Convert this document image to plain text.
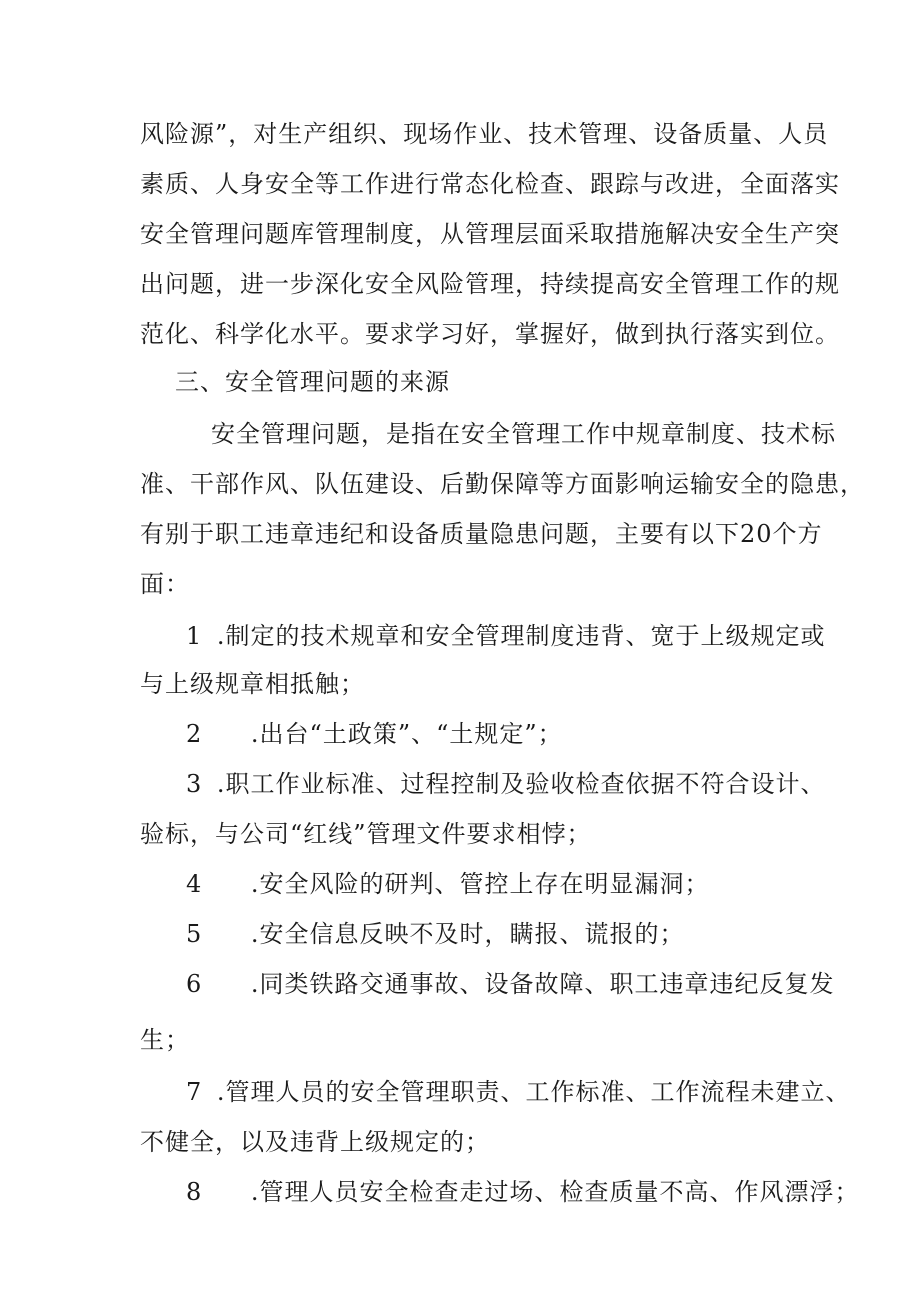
风险源”，对生产组织、现场作业、技术管理、设备质量、人员
素质、人身安全等工作进行常态化检查、跟踪与改进，全面落实
安全管理问题库管理制度，从管理层面采取措施解决安全生产突
出问题，进一步深化安全风险管理，持续提高安全管理工作的规
范化、科学化水平。要求学习好，掌握好，做到执行落实到位。
三、安全管理问题的来源
安全管理问题，是指在安全管理工作中规章制度、技术标
准、干部作风、队伍建设、后勤保障等方面影响运输安全的隐患，
有别于职工违章违纪和设备质量隐患问题，主要有以下20个方
面：
1 .制定的技术规章和安全管理制度违背、宽于上级规定或
与上级规章相抵触；
2 .出台“土政策”、“土规定”；
3 .职工作业标准、过程控制及验收检查依据不符合设计、
验标，与公司“红线”管理文件要求相悖；
4 .安全风险的研判、管控上存在明显漏洞；
5 .安全信息反映不及时，瞒报、谎报的；
6 .同类铁路交通事故、设备故障、职工违章违纪反复发
生；
7 .管理人员的安全管理职责、工作标准、工作流程未建立、
不健全，以及违背上级规定的；
8 .管理人员安全检查走过场、检查质量不高、作风漂浮；
